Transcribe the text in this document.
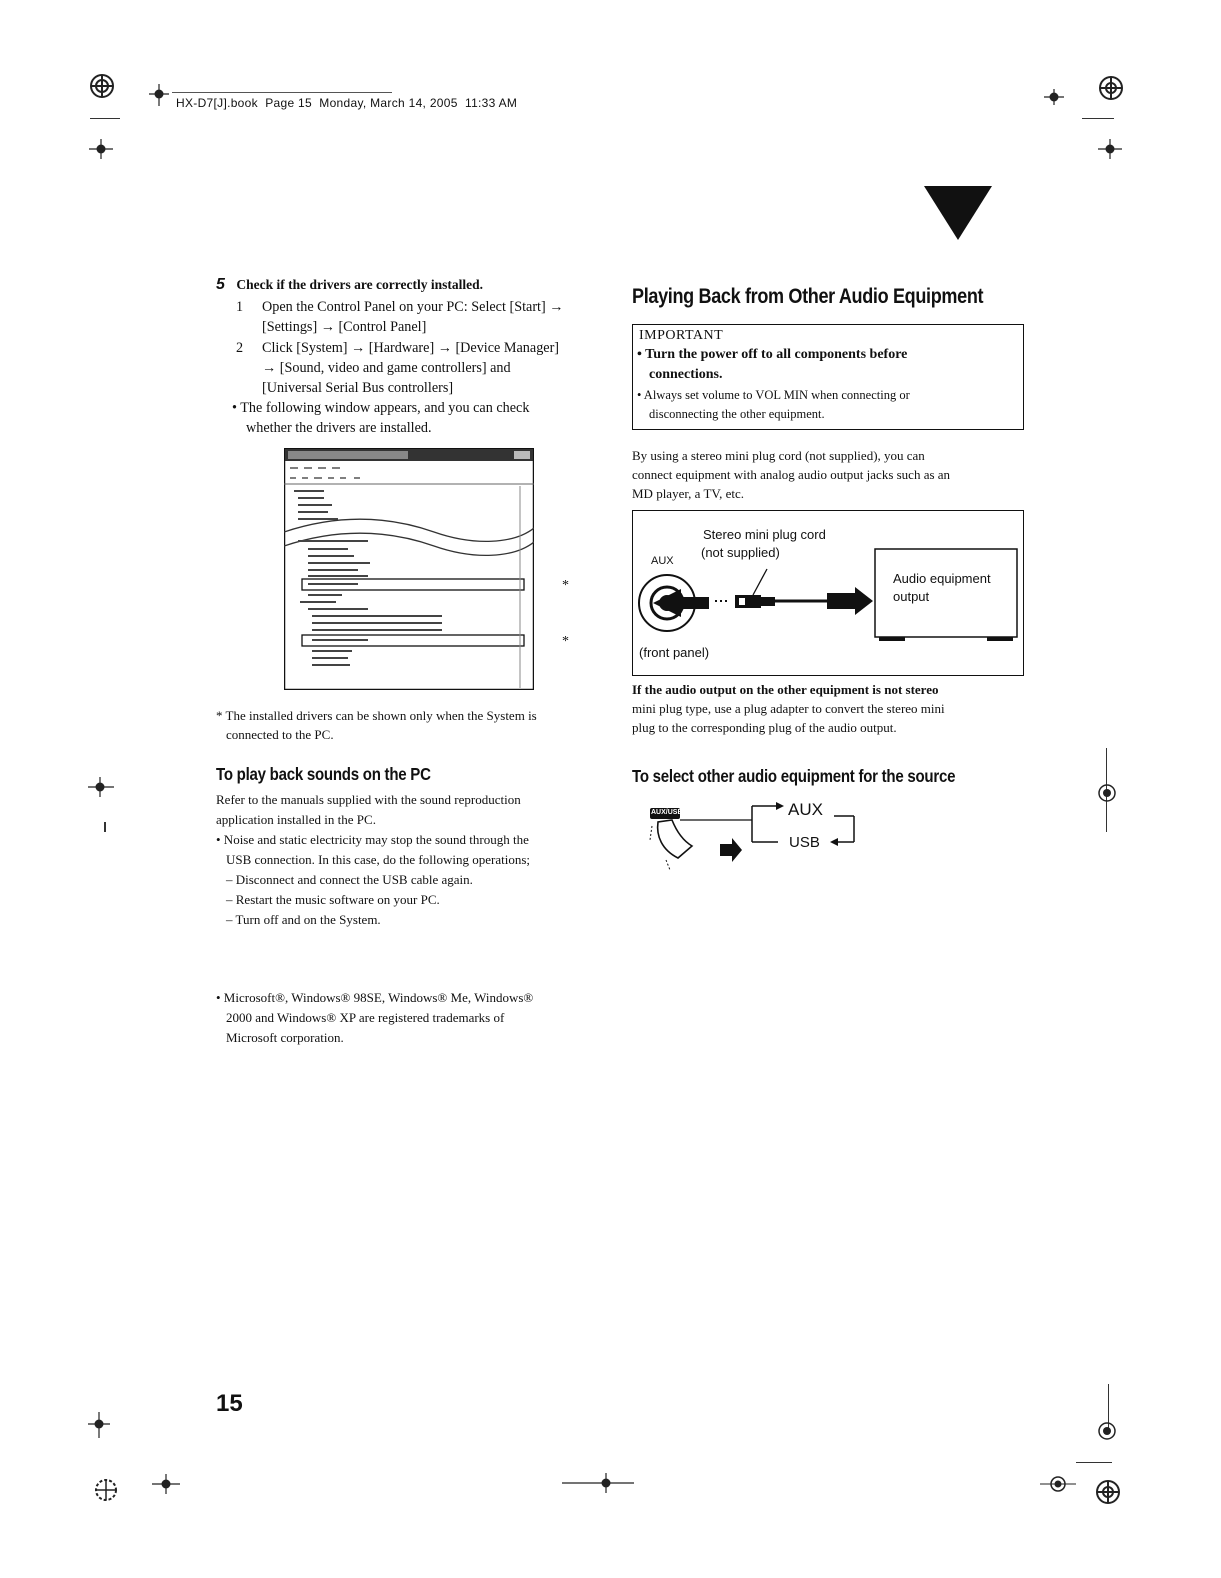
HX-D7[J].book  Page 15  Monday, March 14, 2005  11:33 AM
5 Check if the drivers are correctly installed.
1 Open the Control Panel on your PC: Select [Start] →
[Settings] → [Control Panel]
2 Click [System] → [Hardware] → [Device Manager]
→ [Sound, video and game controllers] and
[Universal Serial Bus controllers]
• The following window appears, and you can check
whether the drivers are installed.
*
*
* The installed drivers can be shown only when the System is
connected to the PC.
To play back sounds on the PC
Refer to the manuals supplied with the sound reproduction
application installed in the PC.
• Noise and static electricity may stop the sound through the
USB connection. In this case, do the following operations;
– Disconnect and connect the USB cable again.
– Restart the music software on your PC.
– Turn off and on the System.
• Microsoft®, Windows® 98SE, Windows® Me, Windows®
2000 and Windows® XP are registered trademarks of
Microsoft corporation.
Playing Back from Other Audio Equipment
IMPORTANT
• Turn the power off to all components before
connections.
• Always set volume to VOL MIN when connecting or
disconnecting the other equipment.
By using a stereo mini plug cord (not supplied), you can
connect equipment with analog audio output jacks such as an
MD player, a TV, etc.
Stereo mini plug cord
(not supplied)
AUX
(front panel)
Audio equipment
output
If the audio output on the other equipment is not stereo
mini plug type, use a plug adapter to convert the stereo mini
plug to the corresponding plug of the audio output.
To select other audio equipment for the source
AUX/USB	AUX
USB
15
